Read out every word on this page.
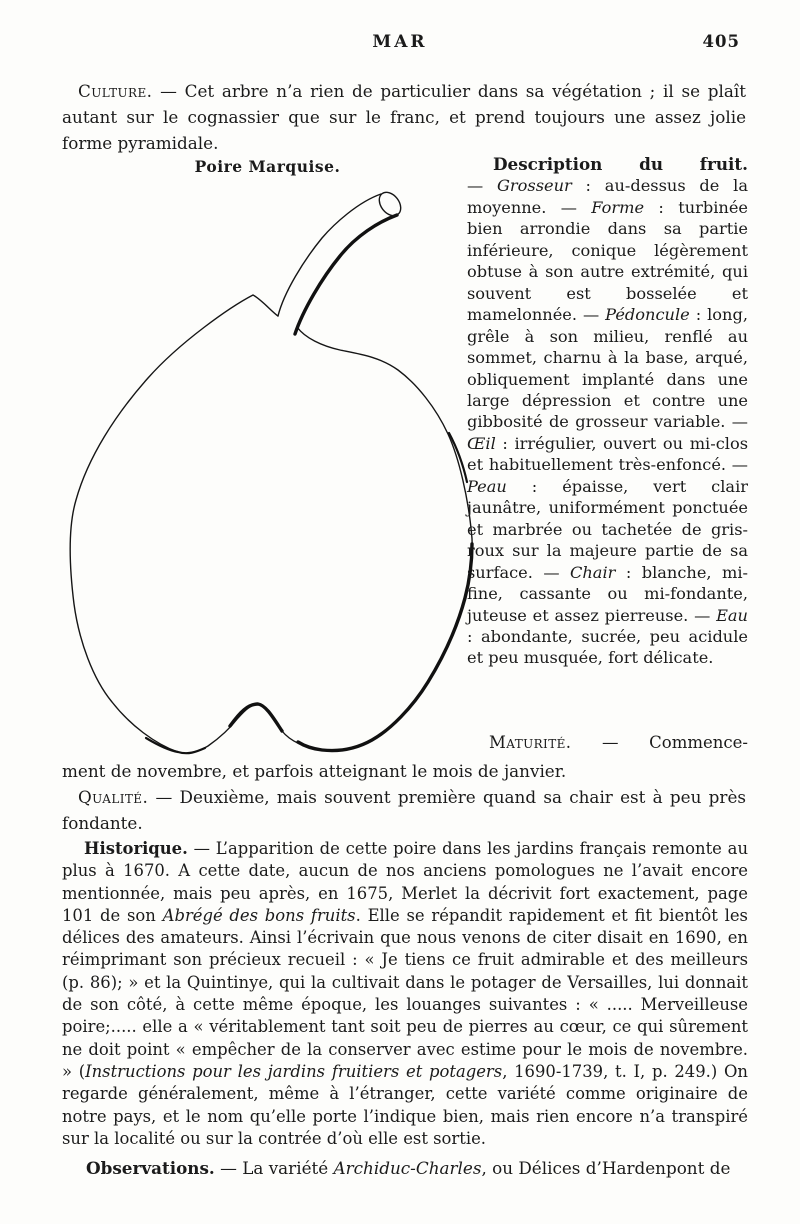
MAR	405

Culture. — Cet arbre n’a rien de particulier dans sa végétation ; il se plaît autant sur le cognassier que sur le franc, et prend toujours une assez jolie forme pyramidale.

Poire Marquise.	Description du fruit.

— Grosseur : au-dessus de la moyenne. — Forme : turbinée bien arrondie dans sa partie inférieure, conique légèrement obtuse à son autre extrémité, qui souvent est bosselée et mamelonnée. — Pédoncule : long, grêle à son milieu, renflé au sommet, charnu à la base, arqué, obliquement implanté dans une large dépression et contre une gibbosité de grosseur variable. — Œil : irrégulier, ouvert ou mi-clos et habituellement très-enfoncé. — Peau : épaisse, vert clair jaunâtre, uniformément ponctuée et marbrée ou tachetée de gris-roux sur la majeure partie de sa surface. — Chair : blanche, mi-fine, cassante ou mi-fondante, juteuse et assez pierreuse. — Eau : abondante, sucrée, peu acidule et peu musquée, fort délicate.

Maturité. — Commence-

ment de novembre, et parfois atteignant le mois de janvier.

Qualité. — Deuxième, mais souvent première quand sa chair est à peu près fondante.

Historique. — L’apparition de cette poire dans les jardins français remonte au plus à 1670. A cette date, aucun de nos anciens pomologues ne l’avait encore mentionnée, mais peu après, en 1675, Merlet la décrivit fort exactement, page 101 de son Abrégé des bons fruits. Elle se répandit rapidement et fit bientôt les délices des amateurs. Ainsi l’écrivain que nous venons de citer disait en 1690, en réimprimant son précieux recueil : « Je tiens ce fruit admirable et des meilleurs (p. 86); » et la Quintinye, qui la cultivait dans le potager de Versailles, lui donnait de son côté, à cette même époque, les louanges suivantes : « ..... Merveilleuse poire;..... elle a « véritablement tant soit peu de pierres au cœur, ce qui sûrement ne doit point « empêcher de la conserver avec estime pour le mois de novembre. » (Instructions pour les jardins fruitiers et potagers, 1690-1739, t. I, p. 249.) On regarde généralement, même à l’étranger, cette variété comme originaire de notre pays, et le nom qu’elle porte l’indique bien, mais rien encore n’a transpiré sur la localité ou sur la contrée d’où elle est sortie.

Observations. — La variété Archiduc-Charles, ou Délices d’Hardenpont de
